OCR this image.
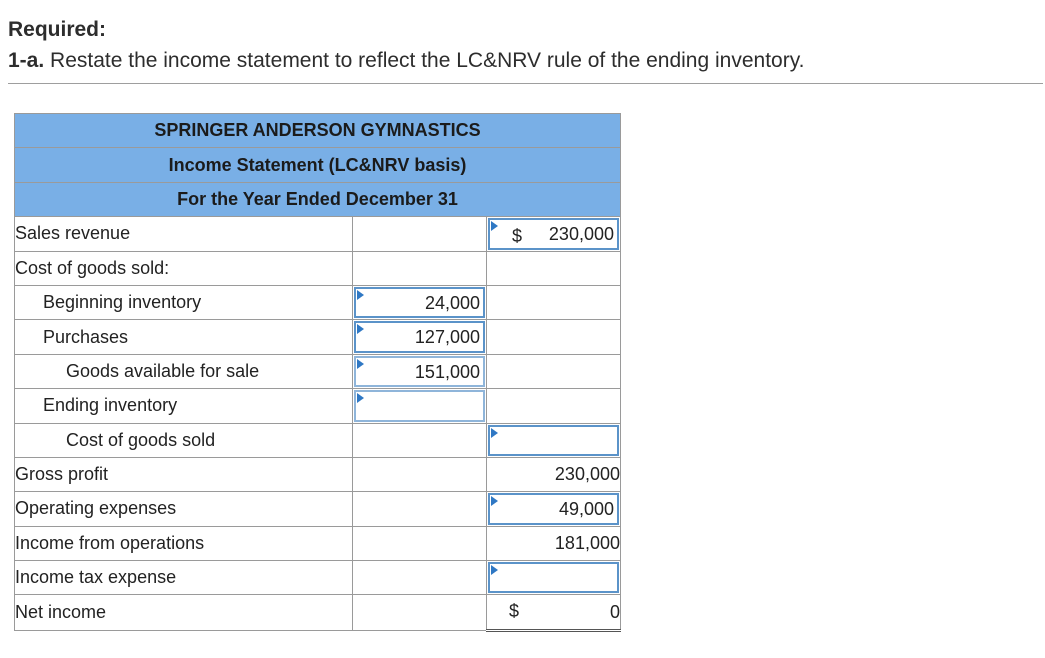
Required:
1-a. Restate the income statement to reflect the LC&NRV rule of the ending inventory.
SPRINGER ANDERSON GYMNASTICS		
Income Statement (LC&NRV basis)		
For the Year Ended December 31		
Sales revenue		$ 230,000

Cost of goods sold:		
Beginning inventory	24,000	

Purchases	127,000	

Goods available for sale	151,000	

Ending inventory	

Cost of goods sold		

Gross profit		230,000
Operating expenses		49,000

Income from operations		181,000
Income tax expense		

Net income		$ 0
